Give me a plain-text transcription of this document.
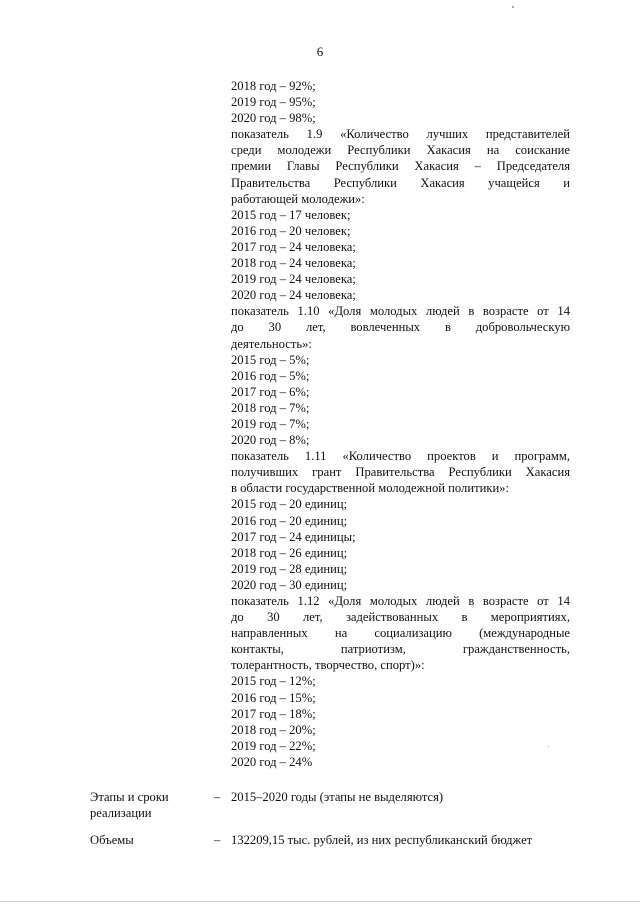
6
2018 год – 92%;
2019 год – 95%;
2020 год – 98%;
показатель 1.9 «Количество лучших представителей
среди молодежи Республики Хакасия на соискание
премии Главы Республики Хакасия – Председателя
Правительства Республики Хакасия учащейся и
работающей молодежи»:
2015 год – 17 человек;
2016 год – 20 человек;
2017 год – 24 человека;
2018 год – 24 человека;
2019 год – 24 человека;
2020 год – 24 человека;
показатель 1.10 «Доля молодых людей в возрасте от 14
до 30 лет, вовлеченных в добровольческую
деятельность»:
2015 год – 5%;
2016 год – 5%;
2017 год – 6%;
2018 год – 7%;
2019 год – 7%;
2020 год – 8%;
показатель 1.11 «Количество проектов и программ,
получивших грант Правительства Республики Хакасия
в области государственной молодежной политики»:
2015 год – 20 единиц;
2016 год – 20 единиц;
2017 год – 24 единицы;
2018 год – 26 единиц;
2019 год – 28 единиц;
2020 год – 30 единиц;
показатель 1.12 «Доля молодых людей в возрасте от 14
до 30 лет, задействованных в мероприятиях,
направленных на социализацию (международные
контакты, патриотизм, гражданственность,
толерантность, творчество, спорт)»:
2015 год – 12%;
2016 год – 15%;
2017 год – 18%;
2018 год – 20%;
2019 год – 22%;
2020 год – 24%
Этапы и сроки
реализации
– 2015–2020 годы (этапы не выделяются)
Объемы	– 132209,15 тыс. рублей, из них республиканский бюджет
